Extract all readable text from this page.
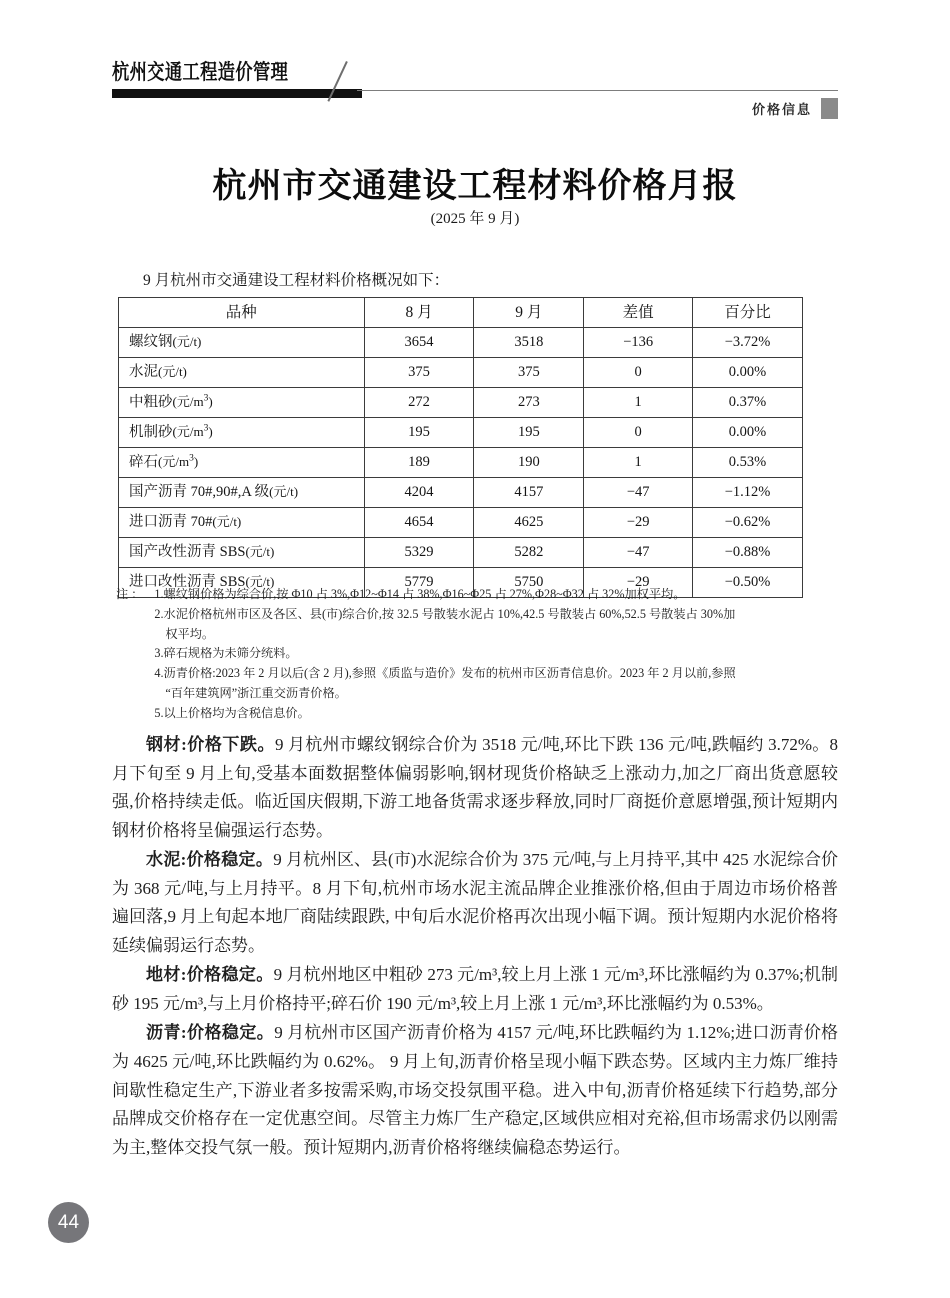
杭州交通工程造价管理
价格信息
杭州市交通建设工程材料价格月报
(2025 年 9 月)
9 月杭州市交通建设工程材料价格概况如下：
品种	8 月	9 月	差值	百分比
螺纹钢(元/t)	3654	3518	−136	−3.72%
水泥(元/t)	375	375	0	0.00%
中粗砂(元$/m^3$)	272	273	1	0.37%
机制砂(元$/m^3$)	195	195	0	0.00%
碎石(元$/m^3$)	189	190	1	0.53%
国产沥青 70#,90#,A 级(元/t)	4204	4157	−47	−1.12%
进口沥青 70#(元/t)	4654	4625	−29	−0.62%
国产改性沥青 SBS(元/t)	5329	5282	−47	−0.88%
进口改性沥青 SBS(元/t)	5779	5750	−29	−0.50%
注： 1.螺纹钢价格为综合价,按 Φ10 占 3%,Φ12~Φ14 占 38%,Φ16~Φ25 占 27%,Φ28~Φ32 占 32%加权平均。
2.水泥价格杭州市区及各区、县(市)综合价,按 32.5 号散装水泥占 10%,42.5 号散装占 60%,52.5 号散装占 30%加
权平均。
3.碎石规格为未筛分统料。
4.沥青价格:2023 年 2 月以后(含 2 月),参照《质监与造价》发布的杭州市区沥青信息价。2023 年 2 月以前,参照
“百年建筑网”浙江重交沥青价格。
5.以上价格均为含税信息价。

钢材:价格下跌。9 月杭州市螺纹钢综合价为 3518 元/吨,环比下跌 136 元/吨,跌幅约 3.72%。8 月下旬至 9 月上旬,受基本面数据整体偏弱影响,钢材现货价格缺乏上涨动力,加之厂商出货意愿较强,价格持续走低。临近国庆假期,下游工地备货需求逐步释放,同时厂商挺价意愿增强,预计短期内钢材价格将呈偏强运行态势。

水泥:价格稳定。9 月杭州区、县(市)水泥综合价为 375 元/吨,与上月持平,其中 425 水泥综合价为 368 元/吨,与上月持平。8 月下旬,杭州市场水泥主流品牌企业推涨价格,但由于周边市场价格普遍回落,9 月上旬起本地厂商陆续跟跌, 中旬后水泥价格再次出现小幅下调。预计短期内水泥价格将延续偏弱运行态势。

地材:价格稳定。9 月杭州地区中粗砂 273 元/m³,较上月上涨 1 元/m³,环比涨幅约为 0.37%;机制砂 195 元/m³,与上月价格持平;碎石价 190 元/m³,较上月上涨 1 元/m³,环比涨幅约为 0.53%。

沥青:价格稳定。9 月杭州市区国产沥青价格为 4157 元/吨,环比跌幅约为 1.12%;进口沥青价格为 4625 元/吨,环比跌幅约为 0.62%。 9 月上旬,沥青价格呈现小幅下跌态势。区域内主力炼厂维持间歇性稳定生产,下游业者多按需采购,市场交投氛围平稳。进入中旬,沥青价格延续下行趋势,部分品牌成交价格存在一定优惠空间。尽管主力炼厂生产稳定,区域供应相对充裕,但市场需求仍以刚需为主,整体交投气氛一般。预计短期内,沥青价格将继续偏稳态势运行。

44
